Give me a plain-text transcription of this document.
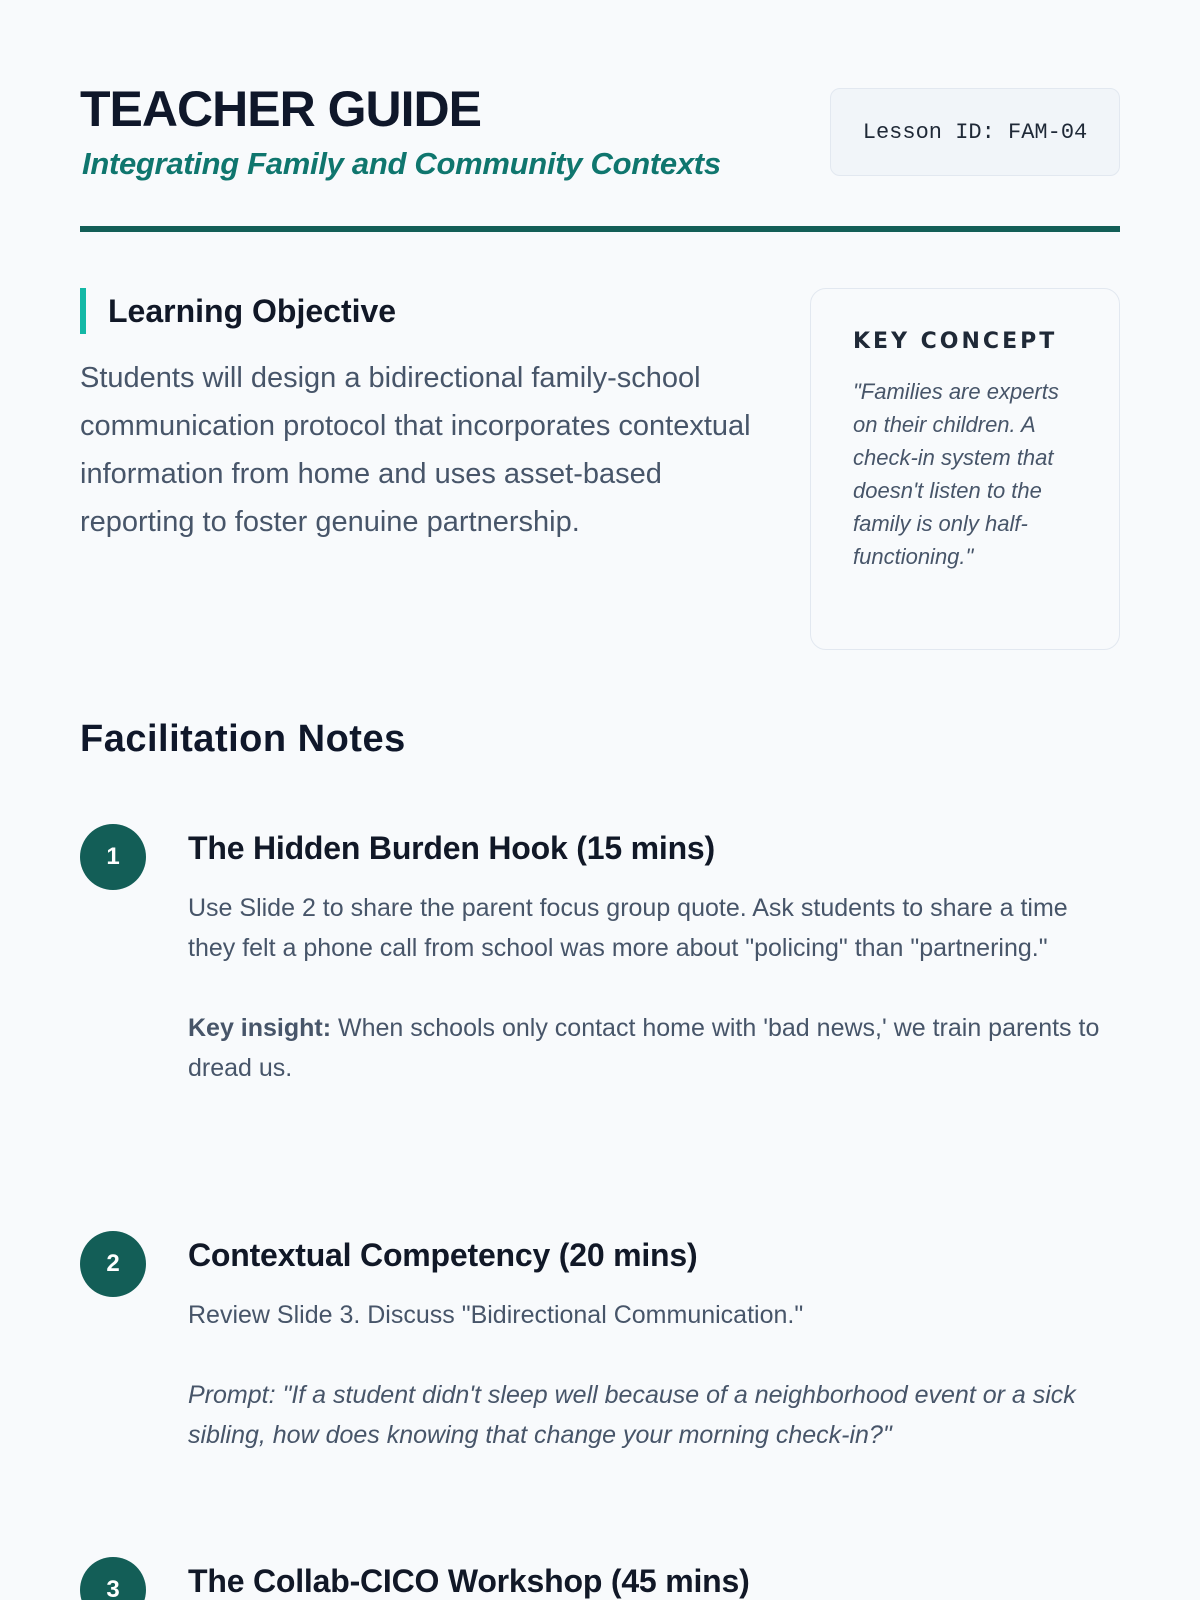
TEACHER GUIDE
Integrating Family and Community Contexts
Lesson ID: FAM-04
Learning Objective

Students will design a bidirectional family-school communication protocol that incorporates contextual information from home and uses asset-based reporting to foster genuine partnership.

KEY CONCEPT

"Families are experts on their children. A check-in system that doesn't listen to the family is only half-functioning."

Facilitation Notes
1	The Hidden Burden Hook (15 mins)

Use Slide 2 to share the parent focus group quote. Ask students to share a time they felt a phone call from school was more about "policing" than "partnering."

Key insight: When schools only contact home with 'bad news,' we train parents to dread us.

2	Contextual Competency (20 mins)

Review Slide 3. Discuss "Bidirectional Communication."

Prompt: "If a student didn't sleep well because of a neighborhood event or a sick sibling, how does knowing that change your morning check-in?"

3	The Collab-CICO Workshop (45 mins)
